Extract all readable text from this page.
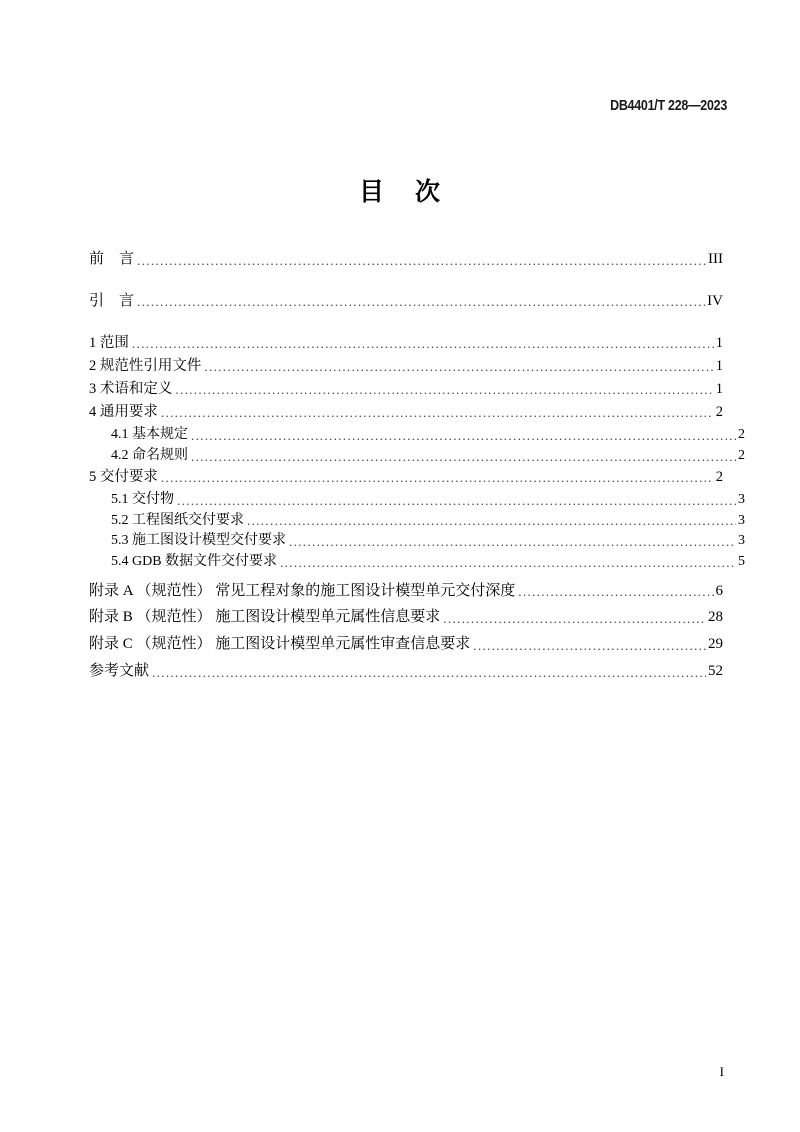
DB4401/T 228—2023
目 次
前　言 .....	III
引　言 .....	IV
1 范围 .....	1
2 规范性引用文件 .....	1
3 术语和定义 .....	1
4 通用要求 .....	2
4.1 基本规定 .....	2
4.2 命名规则 .....	2
5 交付要求 .....	2
5.1 交付物 .....	3
5.2 工程图纸交付要求 .....	3
5.3 施工图设计模型交付要求 .....	3
5.4 GDB 数据文件交付要求 .....	5
附录 A （规范性） 常见工程对象的施工图设计模型单元交付深度 .....	6
附录 B （规范性） 施工图设计模型单元属性信息要求 .....	28
附录 C （规范性） 施工图设计模型单元属性审查信息要求 .....	29
参考文献 .....	52
I
